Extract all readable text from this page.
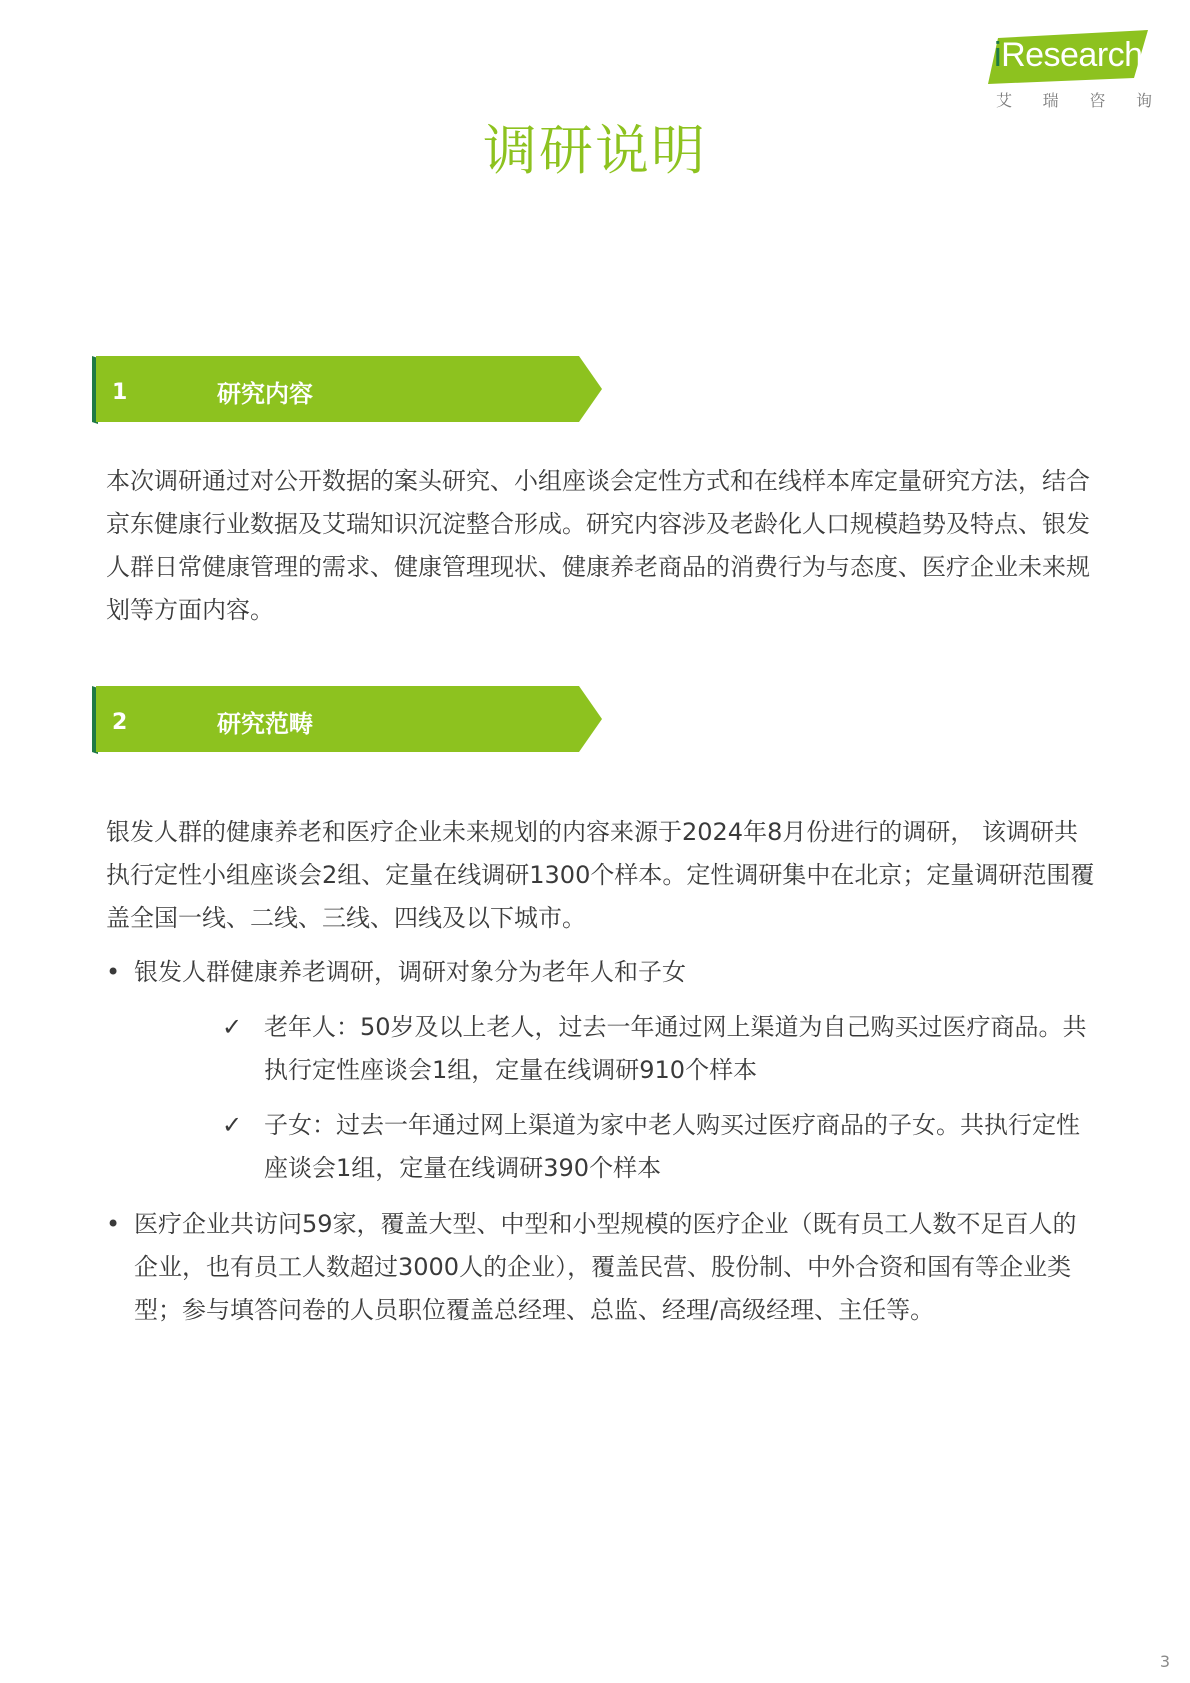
iResearch
艾 瑞 咨 询
调研说明
1	研究内容

本次调研通过对公开数据的案头研究、小组座谈会定性方式和在线样本库定量研究方法，结合京东健康行业数据及艾瑞知识沉淀整合形成。研究内容涉及老龄化人口规模趋势及特点、银发人群日常健康管理的需求、健康管理现状、健康养老商品的消费行为与态度、医疗企业未来规划等方面内容。

2	研究范畴

银发人群的健康养老和医疗企业未来规划的内容来源于2024年8月份进行的调研， 该调研共执行定性小组座谈会2组、定量在线调研1300个样本。定性调研集中在北京；定量调研范围覆盖全国一线、二线、三线、四线及以下城市。

• 银发人群健康养老调研，调研对象分为老年人和子女
✓ 老年人：50岁及以上老人，过去一年通过网上渠道为自己购买过医疗商品。共执行定性座谈会1组，定量在线调研910个样本
✓ 子女：过去一年通过网上渠道为家中老人购买过医疗商品的子女。共执行定性座谈会1组，定量在线调研390个样本
• 医疗企业共访问59家，覆盖大型、中型和小型规模的医疗企业（既有员工人数不足百人的企业，也有员工人数超过3000人的企业），覆盖民营、股份制、中外合资和国有等企业类型；参与填答问卷的人员职位覆盖总经理、总监、经理/高级经理、主任等。
3
